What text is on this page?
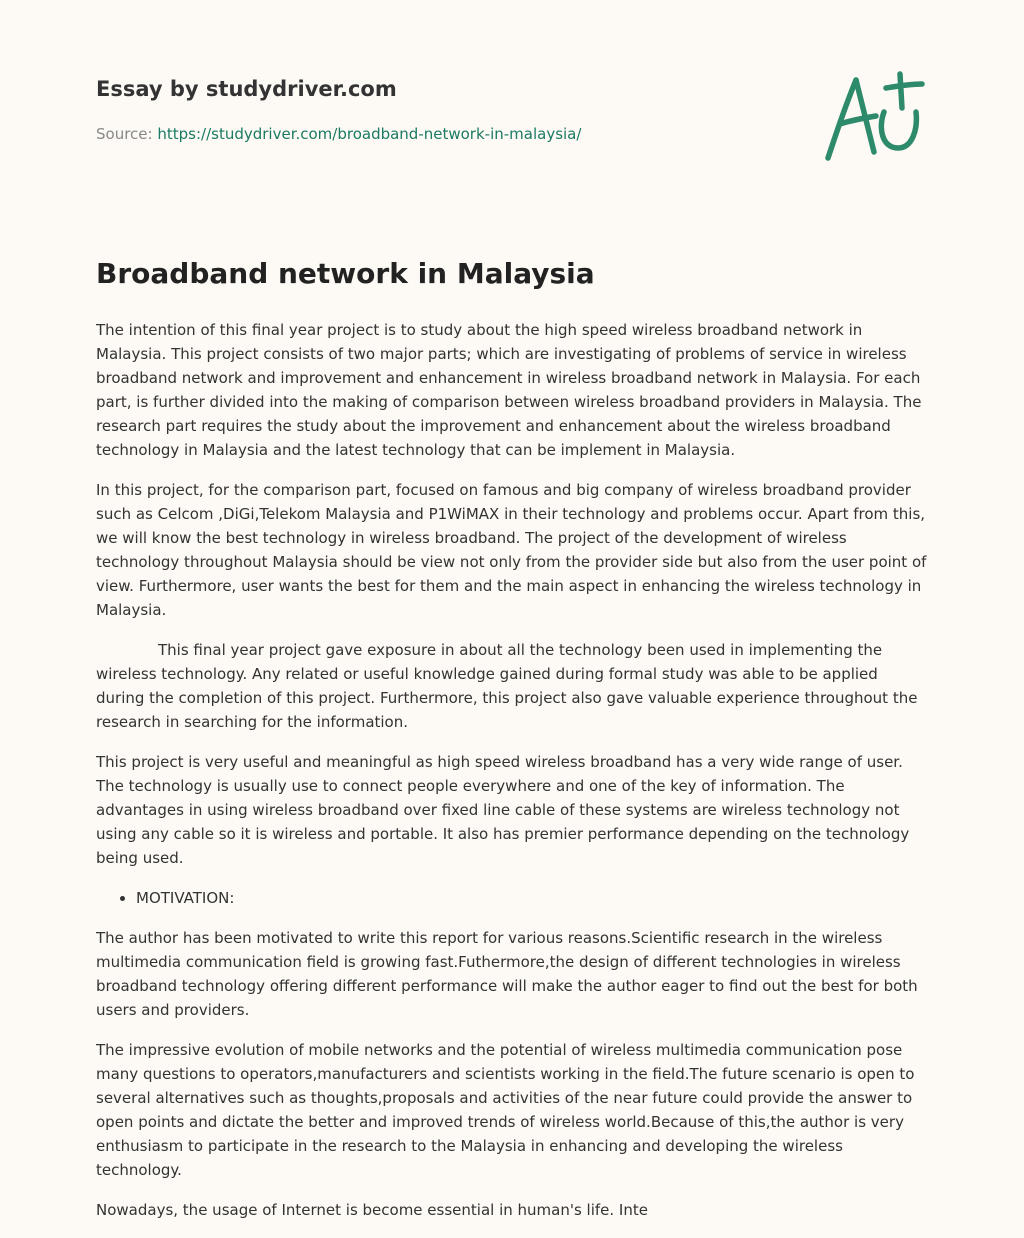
Essay by studydriver.com
Source: https://studydriver.com/broadband-network-in-malaysia/
Broadband network in Malaysia

The intention of this final year project is to study about the high speed wireless broadband network in Malaysia. This project consists of two major parts; which are investigating of problems of service in wireless broadband network and improvement and enhancement in wireless broadband network in Malaysia. For each part, is further divided into the making of comparison between wireless broadband providers in Malaysia. The research part requires the study about the improvement and enhancement about the wireless broadband technology in Malaysia and the latest technology that can be implement in Malaysia.

In this project, for the comparison part, focused on famous and big company of wireless broadband provider such as Celcom ,DiGi,Telekom Malaysia and P1WiMAX in their technology and problems occur. Apart from this, we will know the best technology in wireless broadband. The project of the development of wireless technology throughout Malaysia should be view not only from the provider side but also from the user point of view. Furthermore, user wants the best for them and the main aspect in enhancing the wireless technology in Malaysia.

This final year project gave exposure in about all the technology been used in implementing the wireless technology. Any related or useful knowledge gained during formal study was able to be applied during the completion of this project. Furthermore, this project also gave valuable experience throughout the research in searching for the information.

This project is very useful and meaningful as high speed wireless broadband has a very wide range of user. The technology is usually use to connect people everywhere and one of the key of information. The advantages in using wireless broadband over fixed line cable of these systems are wireless technology not using any cable so it is wireless and portable. It also has premier performance depending on the technology being used.

• MOTIVATION:

The author has been motivated to write this report for various reasons.Scientific research in the wireless multimedia communication field is growing fast.Futhermore,the design of different technologies in wireless broadband technology offering different performance will make the author eager to find out the best for both users and providers.

The impressive evolution of mobile networks and the potential of wireless multimedia communication pose many questions to operators,manufacturers and scientists working in the field.The future scenario is open to several alternatives such as thoughts,proposals and activities of the near future could provide the answer to open points and dictate the better and improved trends of wireless world.Because of this,the author is very enthusiasm to participate in the research to the Malaysia in enhancing and developing the wireless technology.

Nowadays, the usage of Internet is become essential in human's life. Inte
